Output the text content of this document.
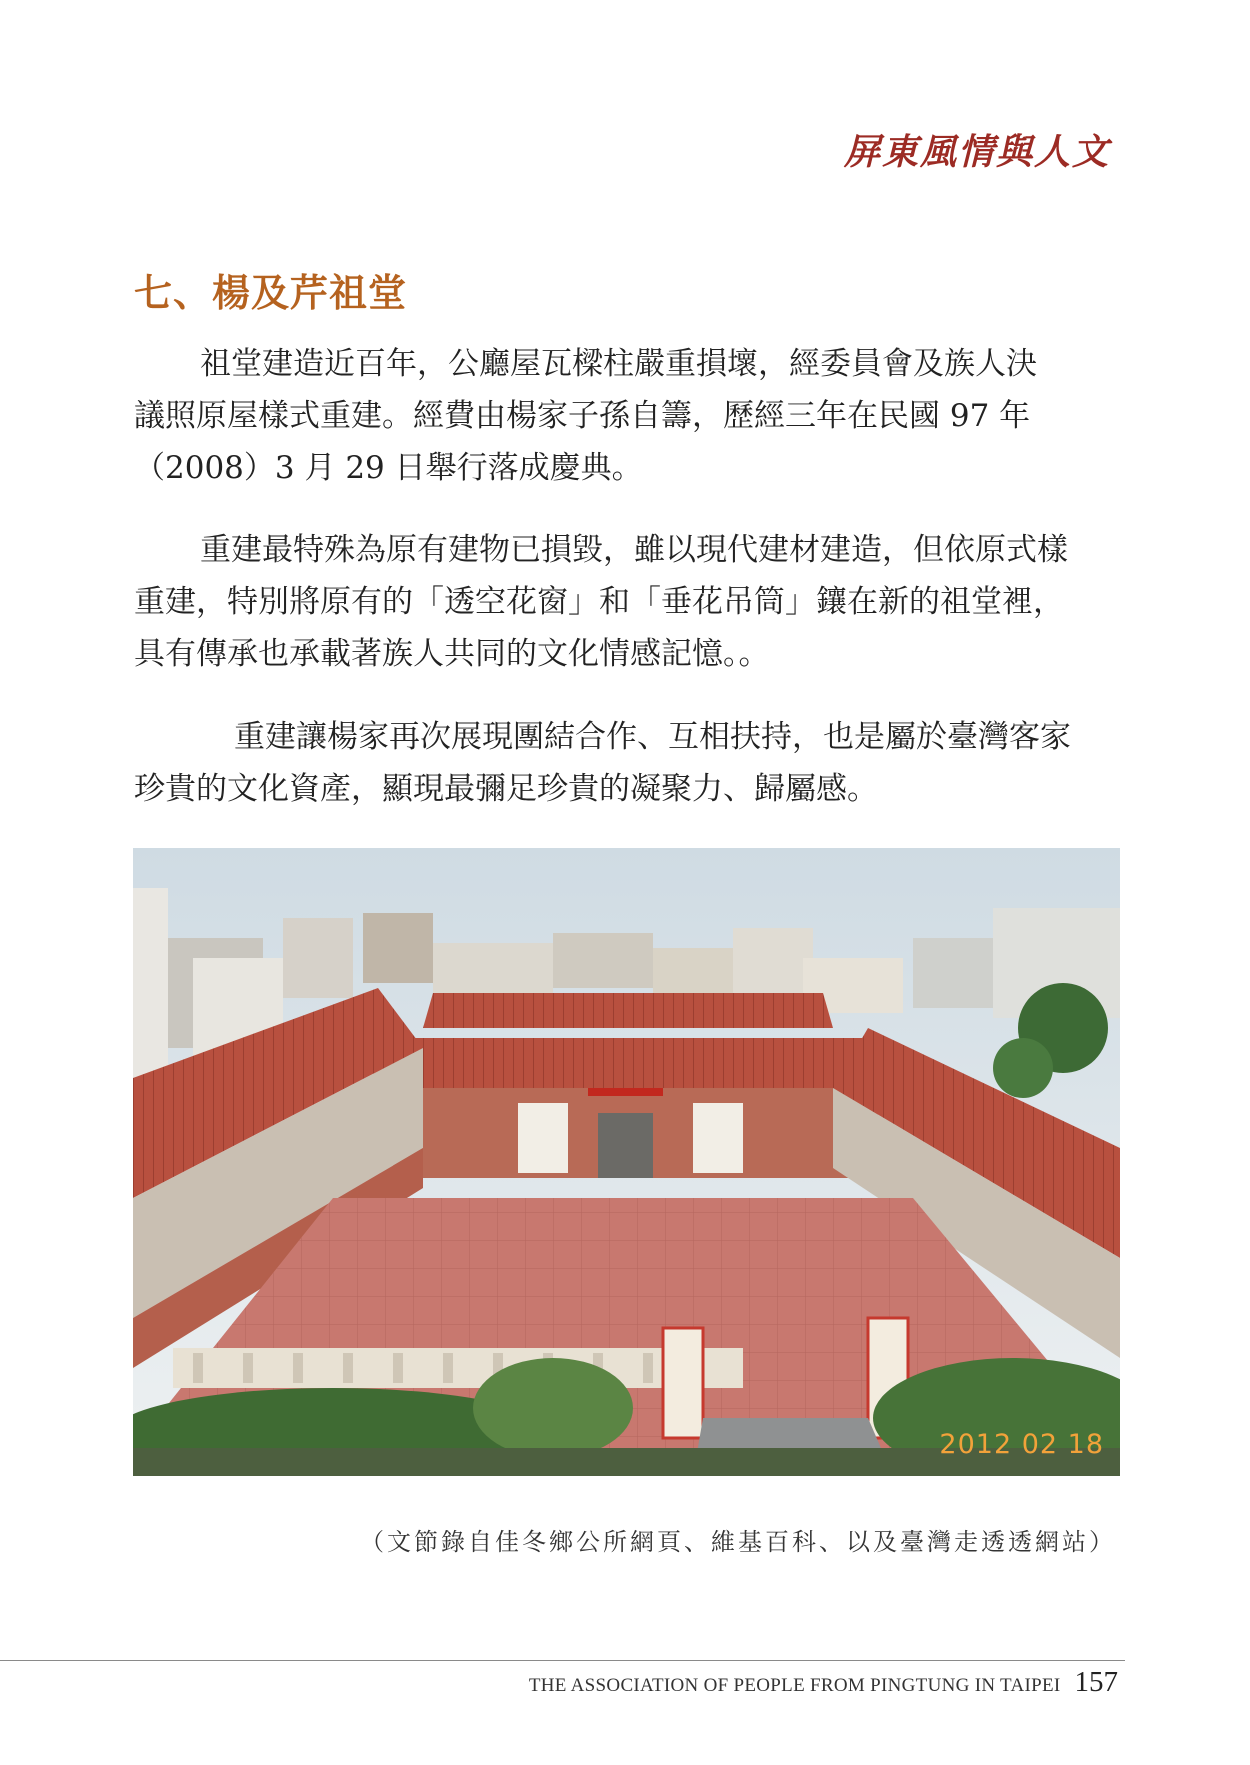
屏東風情與人文
七、楊及芹祖堂

祖堂建造近百年，公廳屋瓦樑柱嚴重損壞，經委員會及族人決

議照原屋樣式重建。經費由楊家子孫自籌，歷經三年在民國 97 年

（2008）3 月 29 日舉行落成慶典。

重建最特殊為原有建物已損毀，雖以現代建材建造，但依原式樣

重建，特別將原有的「透空花窗」和「垂花吊筒」鑲在新的祖堂裡，

具有傳承也承載著族人共同的文化情感記憶。。

重建讓楊家再次展現團結合作、互相扶持，也是屬於臺灣客家

珍貴的文化資產，顯現最彌足珍貴的凝聚力、歸屬感。

2012 02 18
（文節錄自佳冬鄉公所網頁、維基百科、以及臺灣走透透網站）
THE ASSOCIATION OF PEOPLE FROM PINGTUNG IN TAIPEI 157
